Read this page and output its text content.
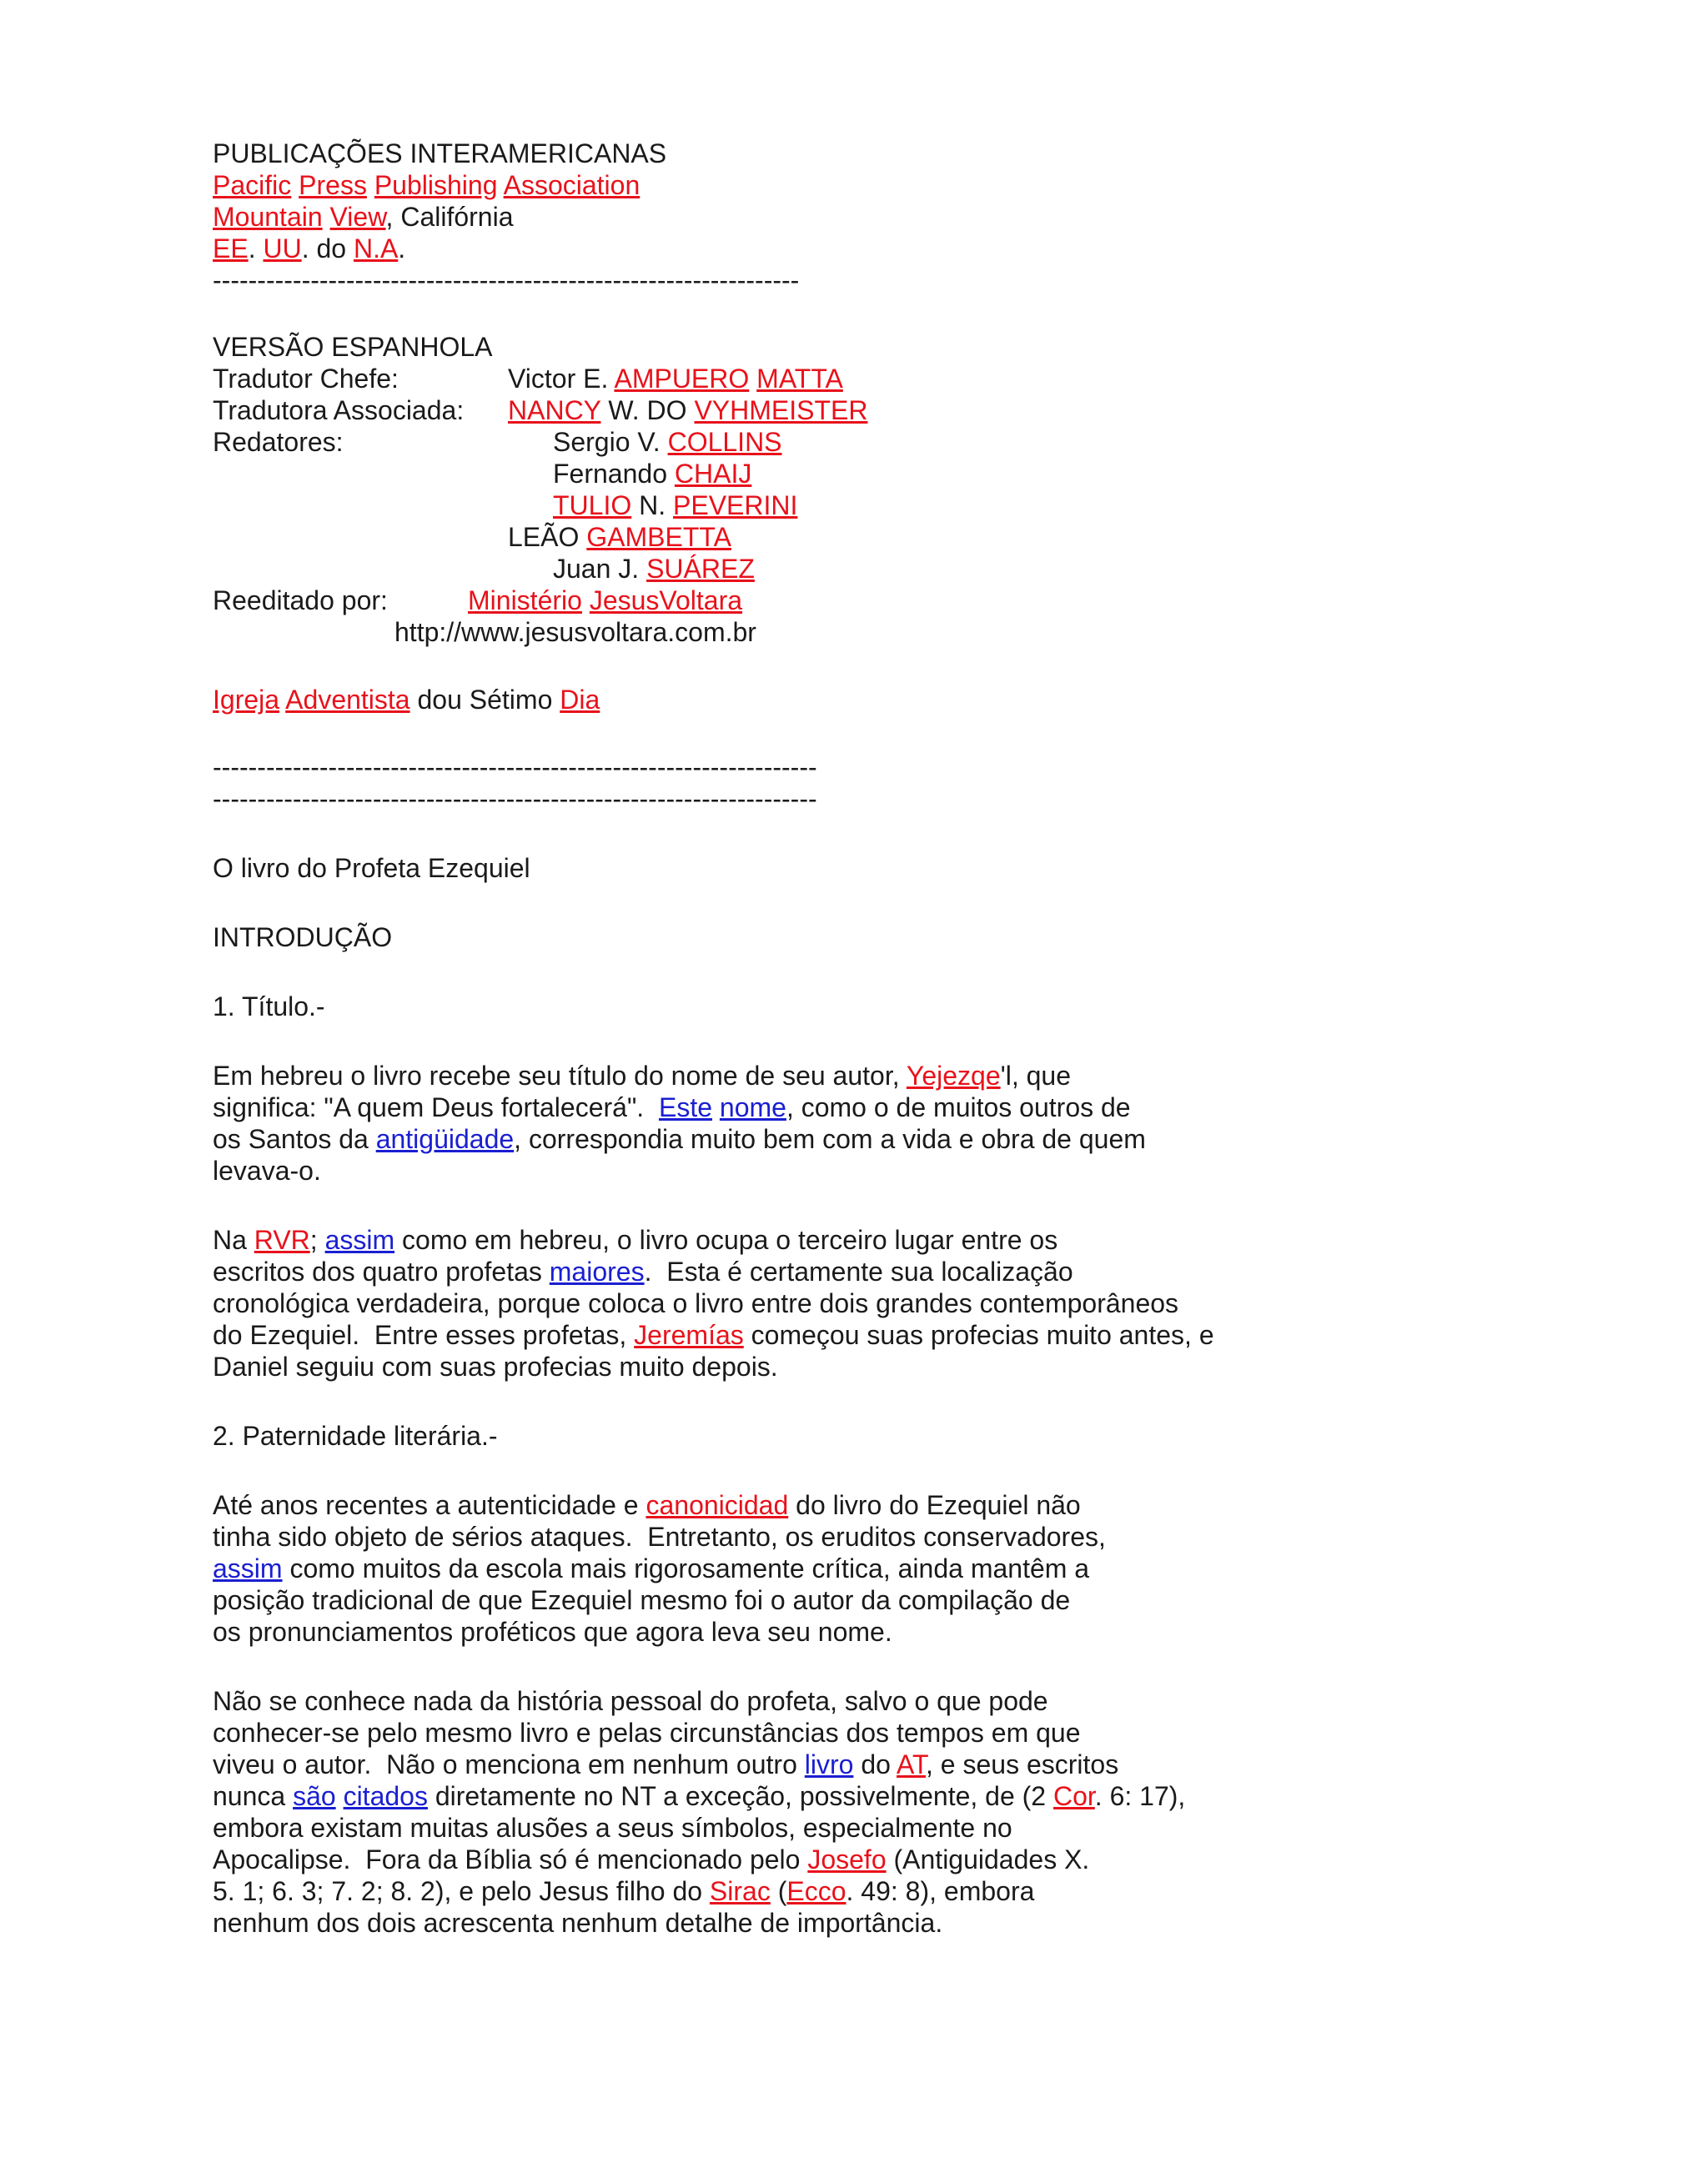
PUBLICAÇÕES INTERAMERICANAS
Pacific Press Publishing Association
Mountain View, Califórnia
EE. UU. do N.A.
------------------------------------------------------------------
VERSÃO ESPANHOLA
Tradutor Chefe:	Victor E. AMPUERO MATTA
Tradutora Associada: NANCY W. DO VYHMEISTER
Redatores:	Sergio V. COLLINS
Fernando CHAIJ
TULIO N. PEVERINI
LEÃO GAMBETTA
Juan J. SUÁREZ
Reeditado por:	Ministério JesusVoltara
http://www.jesusvoltara.com.br
Igreja Adventista dou Sétimo Dia
--------------------------------------------------------------------
--------------------------------------------------------------------
O livro do Profeta Ezequiel
INTRODUÇÃO
1. Título.-
Em hebreu o livro recebe seu título do nome de seu autor, Yejezqe'l, que
significa: "A quem Deus fortalecerá".  Este nome, como o de muitos outros de
os Santos da antigüidade, correspondia muito bem com a vida e obra de quem
levava-o.
Na RVR; assim como em hebreu, o livro ocupa o terceiro lugar entre os
escritos dos quatro profetas maiores.  Esta é certamente sua localização
cronológica verdadeira, porque coloca o livro entre dois grandes contemporâneos
do Ezequiel.  Entre esses profetas, Jeremías começou suas profecias muito antes, e
Daniel seguiu com suas profecias muito depois.
2. Paternidade literária.-
Até anos recentes a autenticidade e canonicidad do livro do Ezequiel não
tinha sido objeto de sérios ataques.  Entretanto, os eruditos conservadores,
assim como muitos da escola mais rigorosamente crítica, ainda mantêm a
posição tradicional de que Ezequiel mesmo foi o autor da compilação de
os pronunciamentos proféticos que agora leva seu nome.
Não se conhece nada da história pessoal do profeta, salvo o que pode
conhecer-se pelo mesmo livro e pelas circunstâncias dos tempos em que
viveu o autor.  Não o menciona em nenhum outro livro do AT, e seus escritos
nunca são citados diretamente no NT a exceção, possivelmente, de (2 Cor. 6: 17),
embora existam muitas alusões a seus símbolos, especialmente no
Apocalipse.  Fora da Bíblia só é mencionado pelo Josefo (Antiguidades X.
5. 1; 6. 3; 7. 2; 8. 2), e pelo Jesus filho do Sirac (Ecco. 49: 8), embora
nenhum dos dois acrescenta nenhum detalhe de importância.
